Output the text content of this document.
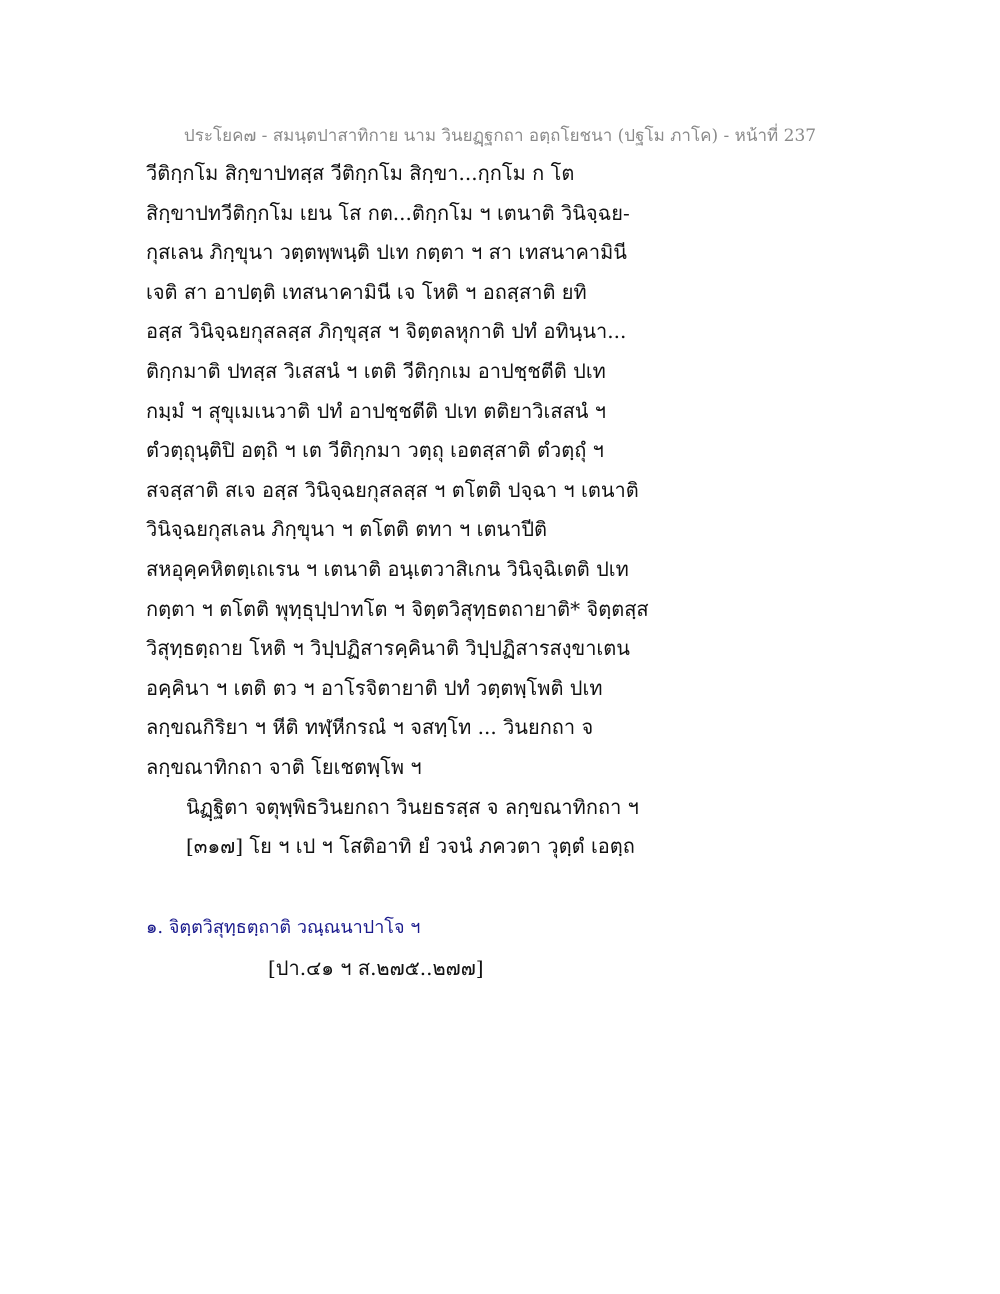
ประโยค๗ - สมนฺตปาสาทิกาย นาม วินยฏฺฐกถา อตฺถโยชนา (ปฐโม ภาโค) - หน้าที่ 237
วีติกฺกโม สิกฺขาปทสฺส วีติกฺกโม สิกฺขา...กฺกโม ก โต
สิกฺขาปทวีติกฺกโม เยน โส กต...ติกฺกโม ฯ เตนาติ วินิจฺฉย-
กุสเลน ภิกฺขุนา วตฺตพฺพนฺติ ปเท กตฺตา ฯ สา เทสนาคามินี
เจติ สา อาปตฺติ เทสนาคามินี เจ โหติ ฯ อถสฺสาติ ยทิ
อสฺส วินิจฺฉยกุสลสฺส ภิกฺขุสฺส ฯ จิตฺตลหุกาติ ปทํ อทินฺนา...
ติกฺกมาติ ปทสฺส วิเสสนํ ฯ เตติ วีติกฺกเม อาปชฺชตีติ ปเท
กมฺมํ ฯ สุขุเมเนวาติ ปทํ อาปชฺชตีติ ปเท ตติยาวิเสสนํ ฯ
ตํวตฺถุนฺติปิ อตฺถิ ฯ เต วีติกฺกมา วตฺถุ เอตสฺสาติ ตํวตฺถุํ ฯ
สจสฺสาติ สเจ อสฺส วินิจฺฉยกุสลสฺส ฯ ตโตติ ปจฺฉา ฯ เตนาติ
วินิจฺฉยกุสเลน ภิกฺขุนา ฯ ตโตติ ตทา ฯ เตนาปีติ
สหอุคฺคหิตตฺเถเรน ฯ เตนาติ อนฺเตวาสิเกน วินิจฺฉิเตติ ปเท
กตฺตา ฯ ตโตติ พุทฺธุปฺปาทโต ฯ จิตฺตวิสุทฺธตถายาติ* จิตฺตสฺส
วิสุทฺธตฺถาย โหติ ฯ วิปฺปฏิสารคฺคินาติ วิปฺปฏิสารสงฺขาเตน
อคฺคินา ฯ เตติ ตว ฯ อาโรจิตายาติ ปทํ วตฺตพฺโพติ ปเท
ลกฺขณกิริยา ฯ หีติ ทฬฺหีกรณํ ฯ จสทฺโท ... วินยกถา จ
ลกฺขณาทิกถา จาติ โยเชตพฺโพ ฯ
นิฏฺฐิตา จตุพฺพิธวินยกถา วินยธรสฺส จ ลกฺขณาทิกถา ฯ
[๓๑๗] โย ฯ เป ฯ โสติอาทิ ยํ วจนํ ภควตา วุตฺตํ เอตฺถ
๑. จิตฺตวิสุทฺธตฺถาติ วณฺณนาปาโจ ฯ
[ปา.๔๑ ฯ ส.๒๗๕..๒๗๗]
